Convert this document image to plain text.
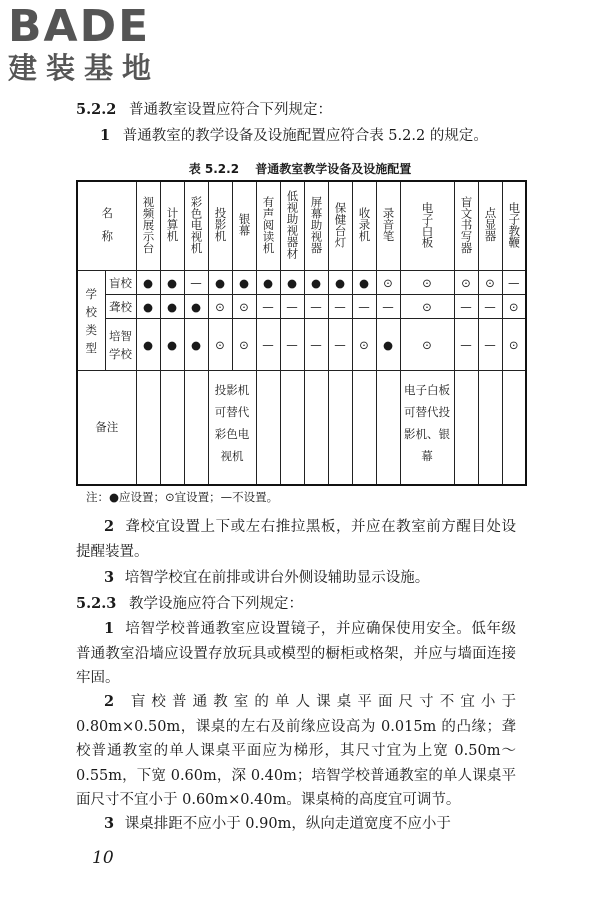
BADE
建装基地
5.2.2 普通教室设置应符合下列规定：
1 普通教室的教学设备及设施配置应符合表 5.2.2 的规定。
表 5.2.2 普通教室教学设备及设施配置
名　称		视频展示台	计算机	彩色电视机	投影机	银幕	有声阅读机	低视助视器材	屏幕助视器	保健台灯	收录机	录音笔	电子白板	盲文书写器	点显器	电子教鞭
学校类型	盲校	●	●	—	●	●	●	●	●	●	●	⊙	⊙	⊙	⊙	—
	聋校	●	●	●	⊙	⊙	—	—	—	—	—	—	⊙	—	—	⊙
	培智学校	●	●	●	⊙	⊙	—	—	—	—	⊙	●	⊙	—	—	⊙
备注					投影机可替代彩色电视机								电子白板可替代投影机、银幕			

注：●应设置；⊙宜设置；—不设置。
2 聋校宜设置上下或左右推拉黑板，并应在教室前方醒目处设提醒装置。
3 培智学校宜在前排或讲台外侧设辅助显示设施。
5.2.3 教学设施应符合下列规定：
1 培智学校普通教室应设置镜子，并应确保使用安全。低年级普通教室沿墙应设置存放玩具或模型的橱柜或格架，并应与墙面连接牢固。
2 盲校普通教室的单人课桌平面尺寸不宜小于 0.80m×0.50m，课桌的左右及前缘应设高为 0.015m 的凸缘；聋校普通教室的单人课桌平面应为梯形，其尺寸宜为上宽 0.50m～0.55m，下宽 0.60m，深 0.40m；培智学校普通教室的单人课桌平面尺寸不宜小于 0.60m×0.40m。课桌椅的高度宜可调节。
3 课桌排距不应小于 0.90m，纵向走道宽度不应小于
10
